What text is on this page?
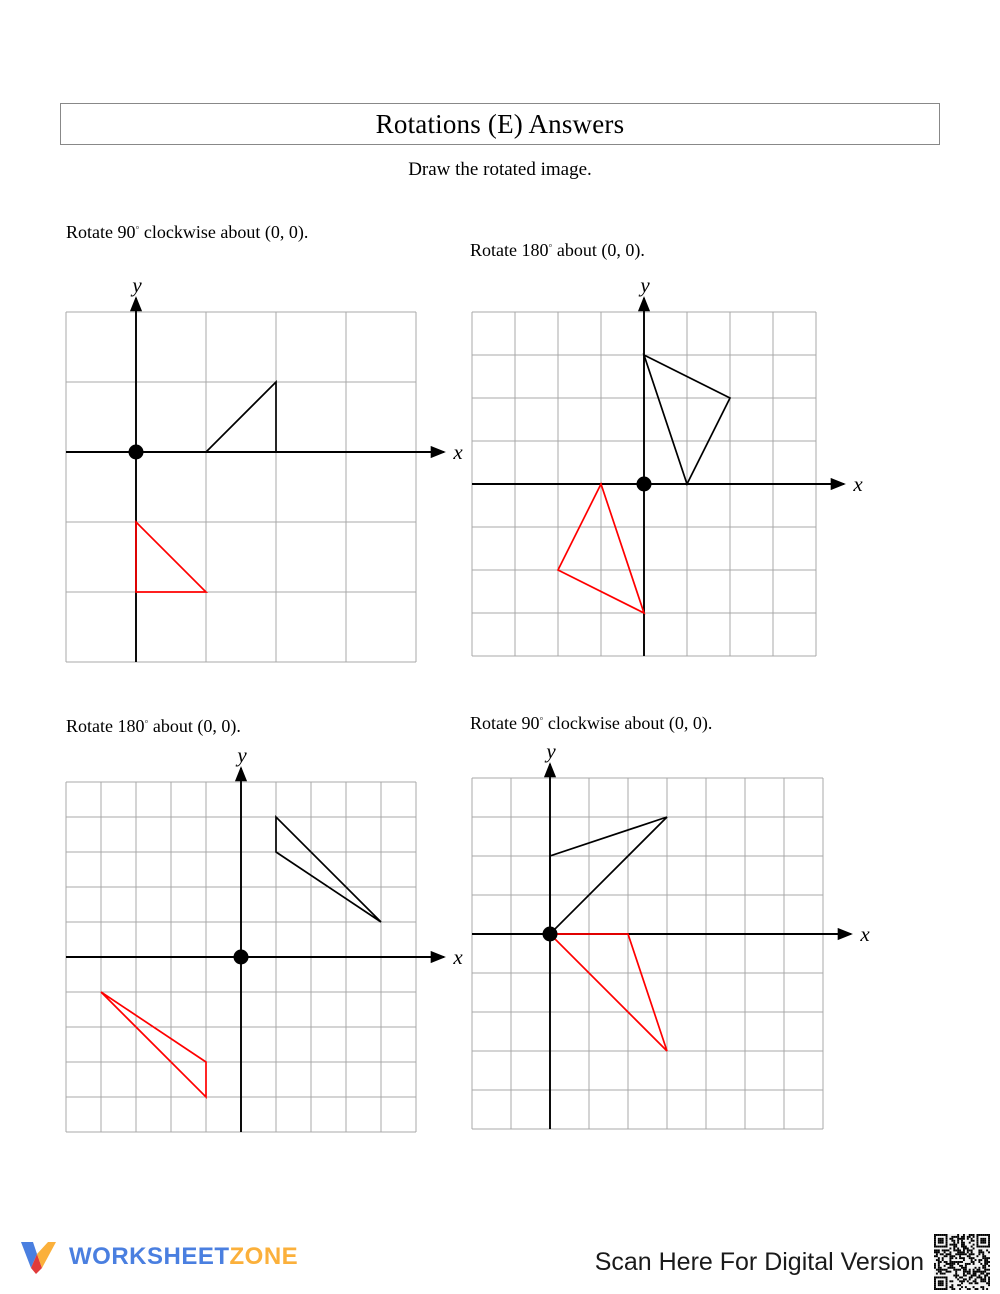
Rotations (E) Answers
Draw the rotated image.
Rotate 90◦ clockwise about (0, 0).
x
y
Rotate 180◦ about (0, 0).
x
y
Rotate 180◦ about (0, 0).
x
y
Rotate 90◦ clockwise about (0, 0).
x
y
WORKSHEETZONE	Scan Here For Digital Version
